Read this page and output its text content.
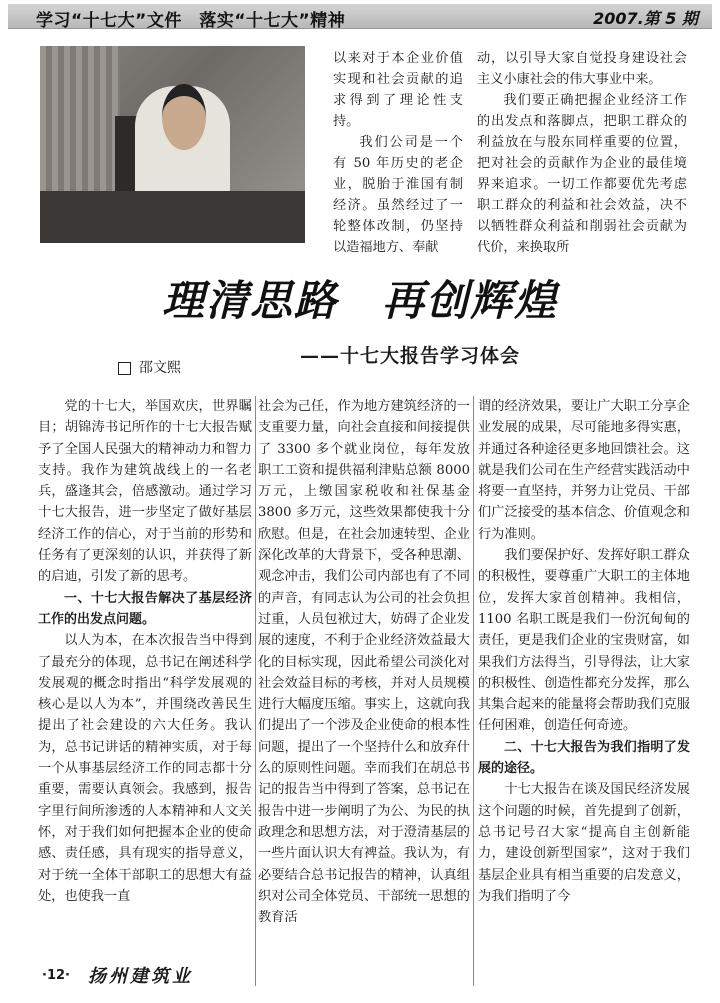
学习“十七大”文件　落实“十七大”精神	2007.第 5 期

以来对于本企业价值实现和社会贡献的追求得到了理论性支持。

我们公司是一个有 50 年历史的老企业，脱胎于淮国有制经济。虽然经过了一轮整体改制，仍坚持以造福地方、奉献

动，以引导大家自觉投身建设社会主义小康社会的伟大事业中来。

我们要正确把握企业经济工作的出发点和落脚点，把职工群众的利益放在与股东同样重要的位置，把对社会的贡献作为企业的最佳境界来追求。一切工作都要优先考虑职工群众的利益和社会效益，决不以牺牲群众利益和削弱社会贡献为代价，来换取所

理清思路　再创辉煌
邵文熙
——十七大报告学习体会

党的十七大，举国欢庆，世界瞩目；胡锦涛书记所作的十七大报告赋予了全国人民强大的精神动力和智力支持。我作为建筑战线上的一名老兵，盛逢其会，倍感激动。通过学习十七大报告，进一步坚定了做好基层经济工作的信心，对于当前的形势和任务有了更深刻的认识，并获得了新的启迪，引发了新的思考。

一、十七大报告解决了基层经济工作的出发点问题。

以人为本，在本次报告当中得到了最充分的体现，总书记在阐述科学发展观的概念时指出“科学发展观的核心是以人为本”，并围绕改善民生提出了社会建设的六大任务。我认为，总书记讲话的精神实质，对于每一个从事基层经济工作的同志都十分重要，需要认真领会。我感到，报告字里行间所渗透的人本精神和人文关怀，对于我们如何把握本企业的使命感、责任感，具有现实的指导意义，对于统一全体干部职工的思想大有益处，也使我一直

社会为己任，作为地方建筑经济的一支重要力量，向社会直接和间接提供了 3300 多个就业岗位，每年发放职工工资和提供福利津贴总额 8000 万元，上缴国家税收和社保基金 3800 多万元，这些效果都使我十分欣慰。但是，在社会加速转型、企业深化改革的大背景下，受各种思潮、观念冲击，我们公司内部也有了不同的声音，有同志认为公司的社会负担过重，人员包袱过大，妨碍了企业发展的速度，不利于企业经济效益最大化的目标实现，因此希望公司淡化对社会效益目标的考核，并对人员规模进行大幅度压缩。事实上，这就向我们提出了一个涉及企业使命的根本性问题，提出了一个坚持什么和放弃什么的原则性问题。幸而我们在胡总书记的报告当中得到了答案，总书记在报告中进一步阐明了为公、为民的执政理念和思想方法，对于澄清基层的一些片面认识大有裨益。我认为，有必要结合总书记报告的精神，认真组织对公司全体党员、干部统一思想的教育活

谓的经济效果，要让广大职工分享企业发展的成果，尽可能地多得实惠，并通过各种途径更多地回馈社会。这就是我们公司在生产经营实践活动中将要一直坚持，并努力让党员、干部们广泛接受的基本信念、价值观念和行为准则。

我们要保护好、发挥好职工群众的积极性，要尊重广大职工的主体地位，发挥大家首创精神。我相信，1100 名职工既是我们一份沉甸甸的责任，更是我们企业的宝贵财富，如果我们方法得当，引导得法，让大家的积极性、创造性都充分发挥，那么其集合起来的能量将会帮助我们克服任何困难，创造任何奇迹。

二、十七大报告为我们指明了发展的途径。

十七大报告在谈及国民经济发展这个问题的时候，首先提到了创新，总书记号召大家“提高自主创新能力，建设创新型国家”，这对于我们基层企业具有相当重要的启发意义，为我们指明了今

·12· 扬州建筑业
